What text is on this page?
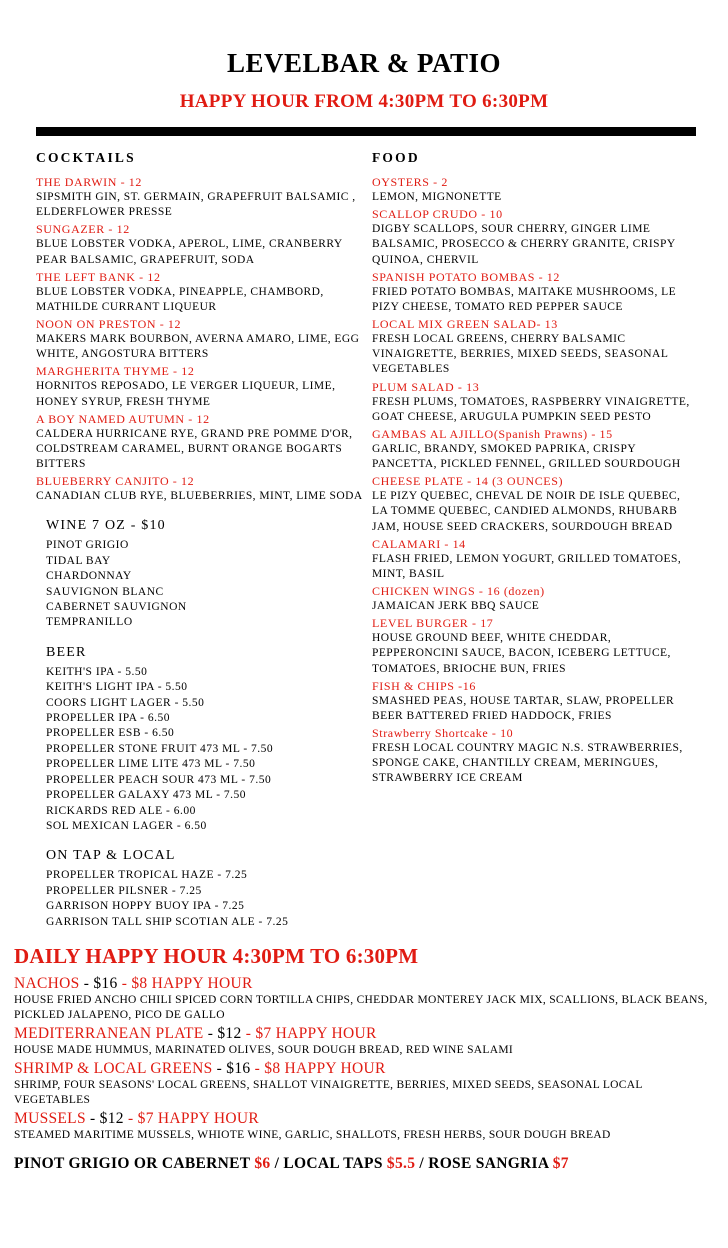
LEVELBAR & PATIO
HAPPY HOUR FROM 4:30PM TO 6:30PM
COCKTAILS
THE DARWIN - 12
SIPSMITH GIN, ST. GERMAIN, GRAPEFRUIT BALSAMIC , ELDERFLOWER PRESSE
SUNGAZER - 12
BLUE LOBSTER VODKA, APEROL, LIME, CRANBERRY PEAR BALSAMIC, GRAPEFRUIT, SODA
THE LEFT BANK - 12
BLUE LOBSTER VODKA, PINEAPPLE, CHAMBORD, MATHILDE CURRANT LIQUEUR
NOON ON PRESTON - 12
MAKERS MARK BOURBON, AVERNA AMARO, LIME, EGG WHITE, ANGOSTURA BITTERS
MARGHERITA THYME - 12
HORNITOS REPOSADO, LE VERGER LIQUEUR, LIME, HONEY SYRUP, FRESH THYME
A BOY NAMED AUTUMN - 12
CALDERA HURRICANE RYE, GRAND PRE POMME D'OR, COLDSTREAM CARAMEL, BURNT ORANGE BOGARTS BITTERS
BLUEBERRY CANJITO - 12
CANADIAN CLUB RYE, BLUEBERRIES, MINT, LIME SODA
WINE 7 OZ - $10
PINOT GRIGIO
TIDAL BAY
CHARDONNAY
SAUVIGNON BLANC
CABERNET SAUVIGNON
TEMPRANILLO
BEER
KEITH'S IPA - 5.50
KEITH'S LIGHT IPA - 5.50
COORS LIGHT LAGER - 5.50
PROPELLER IPA - 6.50
PROPELLER ESB - 6.50
PROPELLER STONE FRUIT 473 ML - 7.50
PROPELLER LIME LITE 473 ML - 7.50
PROPELLER PEACH SOUR 473 ML - 7.50
PROPELLER GALAXY 473 ML - 7.50
RICKARDS RED ALE - 6.00
SOL MEXICAN LAGER - 6.50
ON TAP & LOCAL
PROPELLER TROPICAL HAZE - 7.25
PROPELLER PILSNER - 7.25
GARRISON HOPPY BUOY IPA - 7.25
GARRISON TALL SHIP SCOTIAN ALE - 7.25
FOOD
OYSTERS - 2
LEMON, MIGNONETTE
SCALLOP CRUDO - 10
DIGBY SCALLOPS, SOUR CHERRY, GINGER LIME BALSAMIC, PROSECCO & CHERRY GRANITE, CRISPY QUINOA, CHERVIL
SPANISH POTATO BOMBAS - 12
FRIED POTATO BOMBAS, MAITAKE MUSHROOMS, LE PIZY CHEESE, TOMATO RED PEPPER SAUCE
LOCAL MIX GREEN SALAD- 13
FRESH LOCAL GREENS, CHERRY BALSAMIC VINAIGRETTE, BERRIES, MIXED SEEDS, SEASONAL VEGETABLES
PLUM SALAD - 13
FRESH PLUMS, TOMATOES, RASPBERRY VINAIGRETTE, GOAT CHEESE, ARUGULA PUMPKIN SEED PESTO
GAMBAS AL AJILLO(Spanish Prawns) - 15
GARLIC, BRANDY, SMOKED PAPRIKA, CRISPY PANCETTA, PICKLED FENNEL, GRILLED SOURDOUGH
CHEESE PLATE - 14 (3 OUNCES)
LE PIZY QUEBEC, CHEVAL DE NOIR DE ISLE QUEBEC, LA TOMME QUEBEC, CANDIED ALMONDS, RHUBARB JAM, HOUSE SEED CRACKERS, SOURDOUGH BREAD
CALAMARI - 14
FLASH FRIED, LEMON YOGURT, GRILLED TOMATOES, MINT, BASIL
CHICKEN WINGS - 16 (dozen)
JAMAICAN JERK BBQ SAUCE
LEVEL BURGER - 17
HOUSE GROUND BEEF, WHITE CHEDDAR, PEPPERONCINI SAUCE, BACON, ICEBERG LETTUCE, TOMATOES, BRIOCHE BUN, FRIES
FISH & CHIPS -16
SMASHED PEAS, HOUSE TARTAR, SLAW, PROPELLER BEER BATTERED FRIED HADDOCK, FRIES
Strawberry Shortcake - 10
FRESH LOCAL COUNTRY MAGIC N.S. STRAWBERRIES, SPONGE CAKE, CHANTILLY CREAM, MERINGUES, STRAWBERRY ICE CREAM
DAILY HAPPY HOUR 4:30PM TO 6:30PM
NACHOS - $16 - $8 HAPPY HOUR
HOUSE FRIED ANCHO CHILI SPICED CORN TORTILLA CHIPS, CHEDDAR MONTEREY JACK MIX, SCALLIONS, BLACK BEANS, PICKLED JALAPENO, PICO DE GALLO
MEDITERRANEAN PLATE - $12 - $7 HAPPY HOUR
HOUSE MADE HUMMUS, MARINATED OLIVES, SOUR DOUGH BREAD, RED WINE SALAMI
SHRIMP & LOCAL GREENS - $16 - $8 HAPPY HOUR
SHRIMP, FOUR SEASONS' LOCAL GREENS, SHALLOT VINAIGRETTE, BERRIES, MIXED SEEDS, SEASONAL LOCAL VEGETABLES
MUSSELS - $12 - $7 HAPPY HOUR
STEAMED MARITIME MUSSELS, WHIOTE WINE, GARLIC, SHALLOTS, FRESH HERBS, SOUR DOUGH BREAD
PINOT GRIGIO OR CABERNET $6 / LOCAL TAPS $5.5 / ROSE SANGRIA $7
